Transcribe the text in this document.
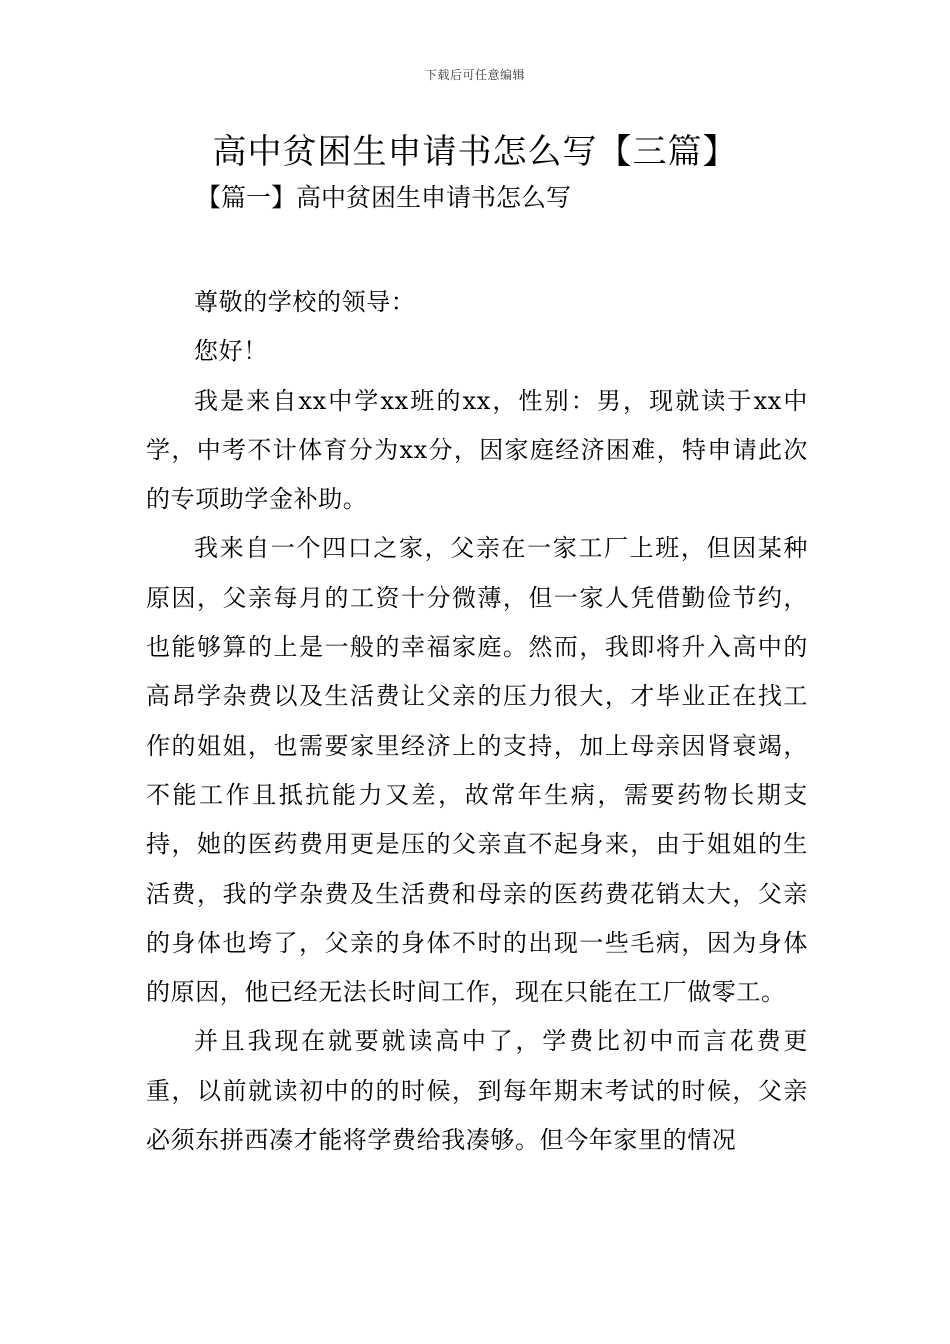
下载后可任意编辑
高中贫困生申请书怎么写【三篇】
【篇一】高中贫困生申请书怎么写

尊敬的学校的领导：

您好！

我是来自xx中学xx班的xx，性别：男，现就读于xx中学，中考不计体育分为xx分，因家庭经济困难，特申请此次的专项助学金补助。

我来自一个四口之家，父亲在一家工厂上班，但因某种原因，父亲每月的工资十分微薄，但一家人凭借勤俭节约，也能够算的上是一般的幸福家庭。然而，我即将升入高中的高昂学杂费以及生活费让父亲的压力很大，才毕业正在找工作的姐姐，也需要家里经济上的支持，加上母亲因肾衰竭，不能工作且抵抗能力又差，故常年生病，需要药物长期支持，她的医药费用更是压的父亲直不起身来，由于姐姐的生活费，我的学杂费及生活费和母亲的医药费花销太大，父亲的身体也垮了，父亲的身体不时的出现一些毛病，因为身体的原因，他已经无法长时间工作，现在只能在工厂做零工。

并且我现在就要就读高中了，学费比初中而言花费更重，以前就读初中的的时候，到每年期末考试的时候，父亲必须东拼西凑才能将学费给我凑够。但今年家里的情况
